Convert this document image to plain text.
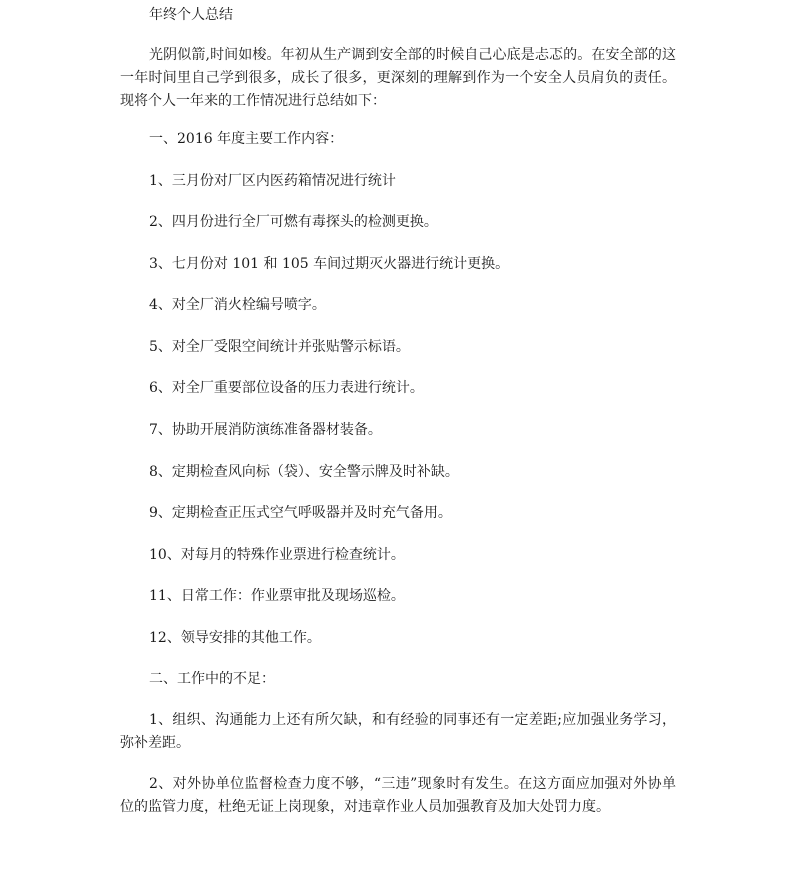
年终个人总结

光阴似箭,时间如梭。年初从生产调到安全部的时候自己心底是忐忑的。在安全部的这一年时间里自己学到很多，成长了很多，更深刻的理解到作为一个安全人员肩负的责任。现将个人一年来的工作情况进行总结如下：

一、2016 年度主要工作内容：

1、三月份对厂区内医药箱情况进行统计

2、四月份进行全厂可燃有毒探头的检测更换。

3、七月份对 101 和 105 车间过期灭火器进行统计更换。

4、对全厂消火栓编号喷字。

5、对全厂受限空间统计并张贴警示标语。

6、对全厂重要部位设备的压力表进行统计。

7、协助开展消防演练准备器材装备。

8、定期检查风向标（袋）、安全警示牌及时补缺。

9、定期检查正压式空气呼吸器并及时充气备用。

10、对每月的特殊作业票进行检查统计。

11、日常工作：作业票审批及现场巡检。

12、领导安排的其他工作。

二、工作中的不足：

1、组织、沟通能力上还有所欠缺，和有经验的同事还有一定差距;应加强业务学习，弥补差距。

2、对外协单位监督检查力度不够，“三违”现象时有发生。在这方面应加强对外协单位的监管力度，杜绝无证上岗现象，对违章作业人员加强教育及加大处罚力度。
